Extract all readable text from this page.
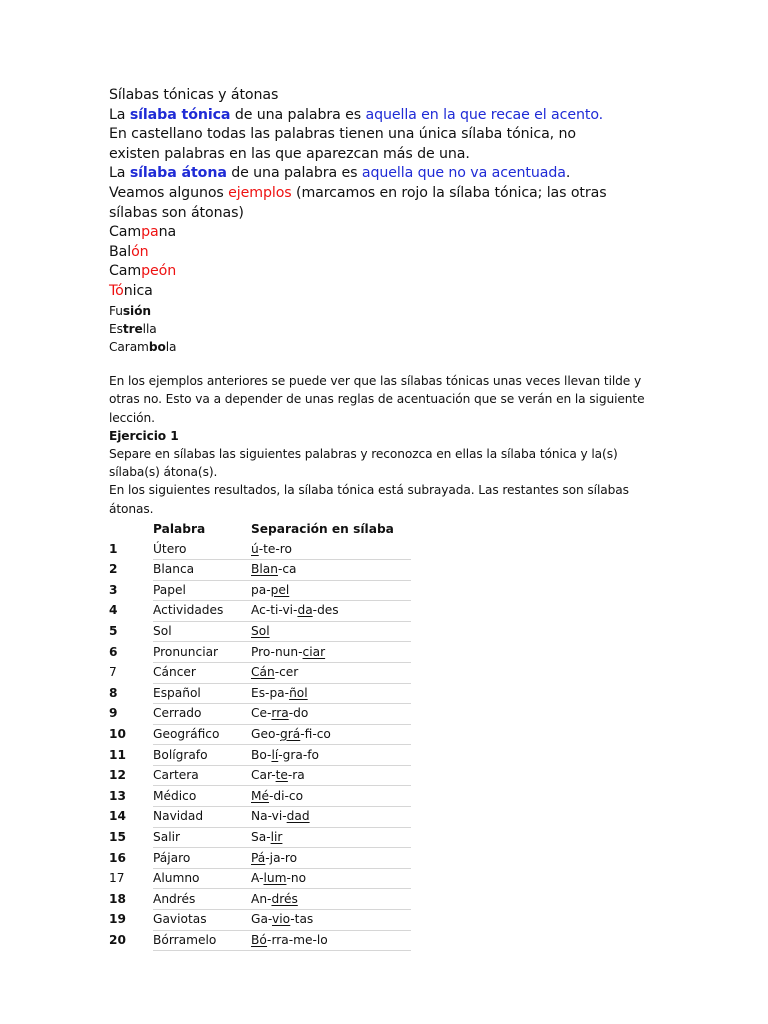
Sílabas tónicas y átonas
La sílaba tónica de una palabra es aquella en la que recae el acento.
En castellano todas las palabras tienen una única sílaba tónica, no existen palabras en las que aparezcan más de una.
La sílaba átona de una palabra es aquella que no va acentuada.
Veamos algunos ejemplos (marcamos en rojo la sílaba tónica; las otras sílabas son átonas)
Campana
Balón
Campeón
Tónica
Fusión
Estrella
Carambola
En los ejemplos anteriores se puede ver que las sílabas tónicas unas veces llevan tilde y otras no. Esto va a depender de unas reglas de acentuación que se verán en la siguiente lección.
Ejercicio 1
Separe en sílabas las siguientes palabras y reconozca en ellas la sílaba tónica y la(s) sílaba(s) átona(s).
En los siguientes resultados, la sílaba tónica está subrayada. Las restantes son sílabas átonas.
	Palabra	Separación en sílaba
1	Útero	ú-te-ro
2	Blanca	Blan-ca
3	Papel	pa-pel
4	Actividades	Ac-ti-vi-da-des
5	Sol	Sol
6	Pronunciar	Pro-nun-ciar
7	Cáncer	Cán-cer
8	Español	Es-pa-ñol
9	Cerrado	Ce-rra-do
10	Geográfico	Geo-grá-fi-co
11	Bolígrafo	Bo-lí-gra-fo
12	Cartera	Car-te-ra
13	Médico	Mé-di-co
14	Navidad	Na-vi-dad
15	Salir	Sa-lir
16	Pájaro	Pá-ja-ro
17	Alumno	A-lum-no
18	Andrés	An-drés
19	Gaviotas	Ga-vio-tas
20	Bórramelo	Bó-rra-me-lo
